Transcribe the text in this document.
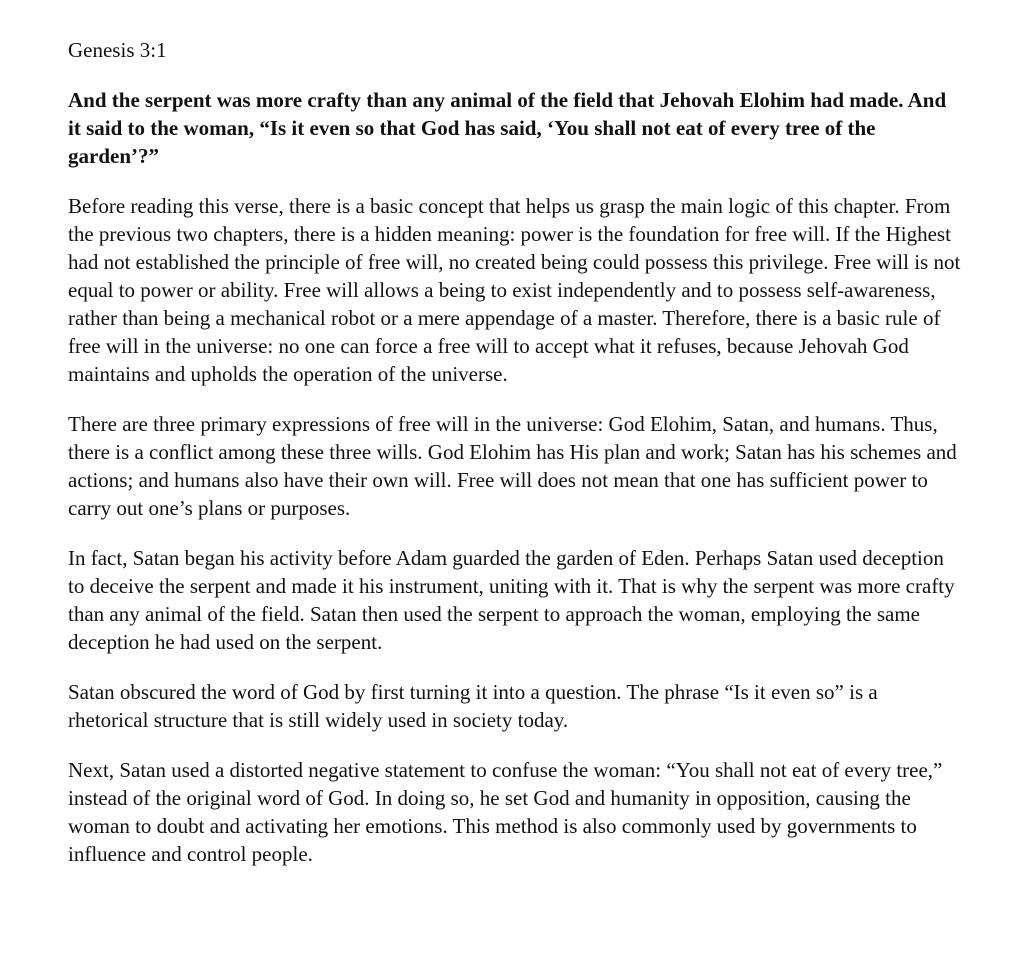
Genesis 3:1
And the serpent was more crafty than any animal of the field that Jehovah Elohim had made. And it said to the woman, “Is it even so that God has said, ‘You shall not eat of every tree of the garden’?”

Before reading this verse, there is a basic concept that helps us grasp the main logic of this chapter. From the previous two chapters, there is a hidden meaning: power is the foundation for free will. If the Highest had not established the principle of free will, no created being could possess this privilege. Free will is not equal to power or ability. Free will allows a being to exist independently and to possess self-awareness, rather than being a mechanical robot or a mere appendage of a master. Therefore, there is a basic rule of free will in the universe: no one can force a free will to accept what it refuses, because Jehovah God maintains and upholds the operation of the universe.

There are three primary expressions of free will in the universe: God Elohim, Satan, and humans. Thus, there is a conflict among these three wills. God Elohim has His plan and work; Satan has his schemes and actions; and humans also have their own will. Free will does not mean that one has sufficient power to carry out one’s plans or purposes.

In fact, Satan began his activity before Adam guarded the garden of Eden. Perhaps Satan used deception to deceive the serpent and made it his instrument, uniting with it. That is why the serpent was more crafty than any animal of the field. Satan then used the serpent to approach the woman, employing the same deception he had used on the serpent.

Satan obscured the word of God by first turning it into a question. The phrase “Is it even so” is a rhetorical structure that is still widely used in society today.

Next, Satan used a distorted negative statement to confuse the woman: “You shall not eat of every tree,” instead of the original word of God. In doing so, he set God and humanity in opposition, causing the woman to doubt and activating her emotions. This method is also commonly used by governments to influence and control people.
